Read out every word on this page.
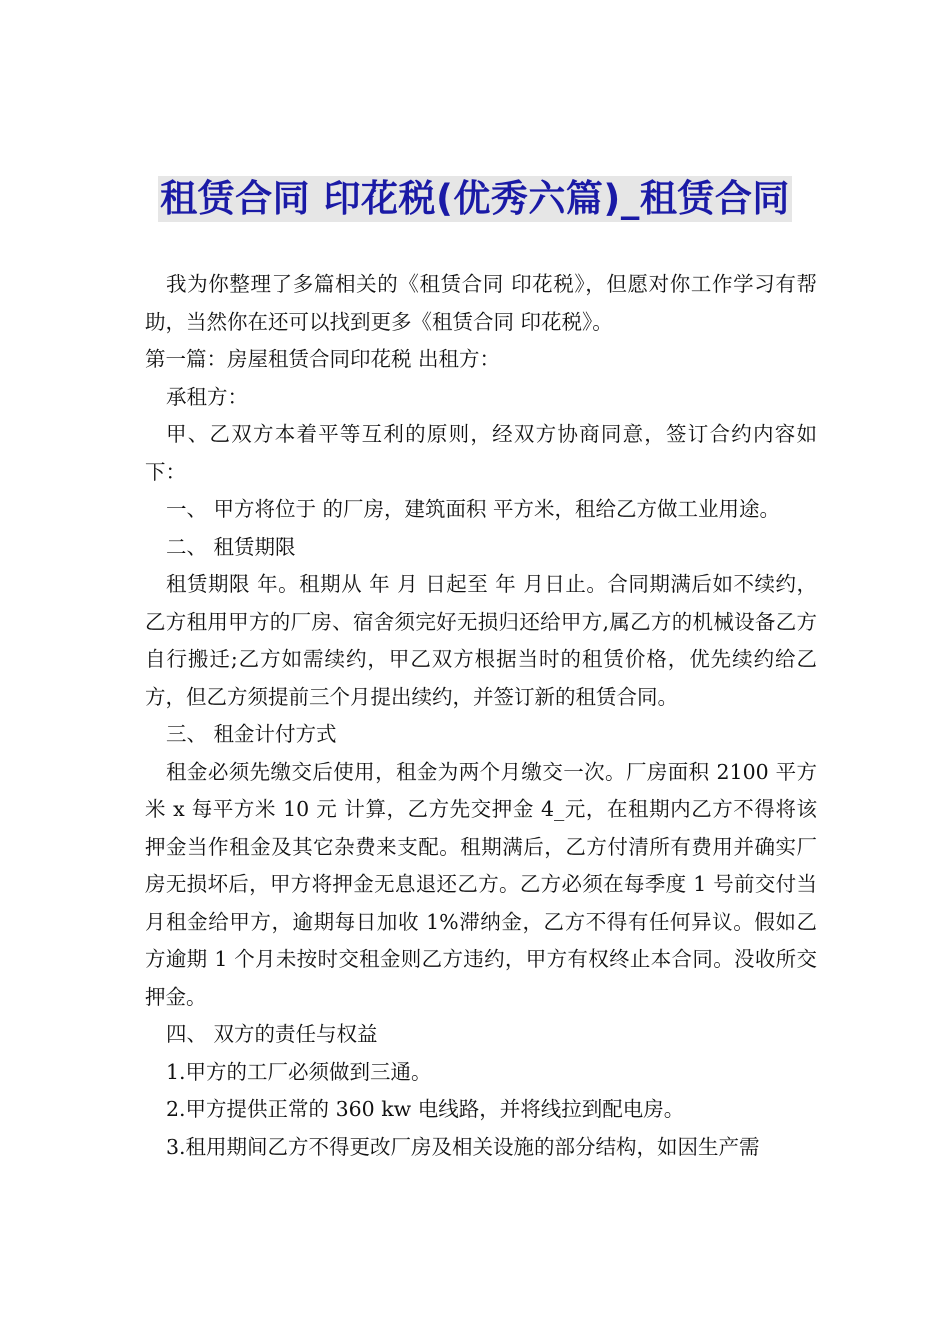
租赁合同 印花税(优秀六篇)_租赁合同

我为你整理了多篇相关的《租赁合同 印花税》，但愿对你工作学习有帮助，当然你在还可以找到更多《租赁合同 印花税》。

第一篇：房屋租赁合同印花税 出租方：

承租方：

甲、乙双方本着平等互利的原则，经双方协商同意，签订合约内容如下：

一、 甲方将位于 的厂房，建筑面积 平方米，租给乙方做工业用途。

二、 租赁期限

租赁期限 年。租期从 年 月 日起至 年 月日止。合同期满后如不续约，乙方租用甲方的厂房、宿舍须完好无损归还给甲方,属乙方的机械设备乙方自行搬迁;乙方如需续约，甲乙双方根据当时的租赁价格，优先续约给乙方，但乙方须提前三个月提出续约，并签订新的租赁合同。

三、 租金计付方式

租金必须先缴交后使用，租金为两个月缴交一次。厂房面积 2100 平方米 x 每平方米 10 元 计算，乙方先交押金 4_元，在租期内乙方不得将该押金当作租金及其它杂费来支配。租期满后，乙方付清所有费用并确实厂房无损坏后，甲方将押金无息退还乙方。乙方必须在每季度 1 号前交付当月租金给甲方，逾期每日加收 1%滞纳金，乙方不得有任何异议。假如乙方逾期 1 个月未按时交租金则乙方违约，甲方有权终止本合同。没收所交押金。

四、 双方的责任与权益

1.甲方的工厂必须做到三通。

2.甲方提供正常的 360 kw 电线路，并将线拉到配电房。

3.租用期间乙方不得更改厂房及相关设施的部分结构，如因生产需
